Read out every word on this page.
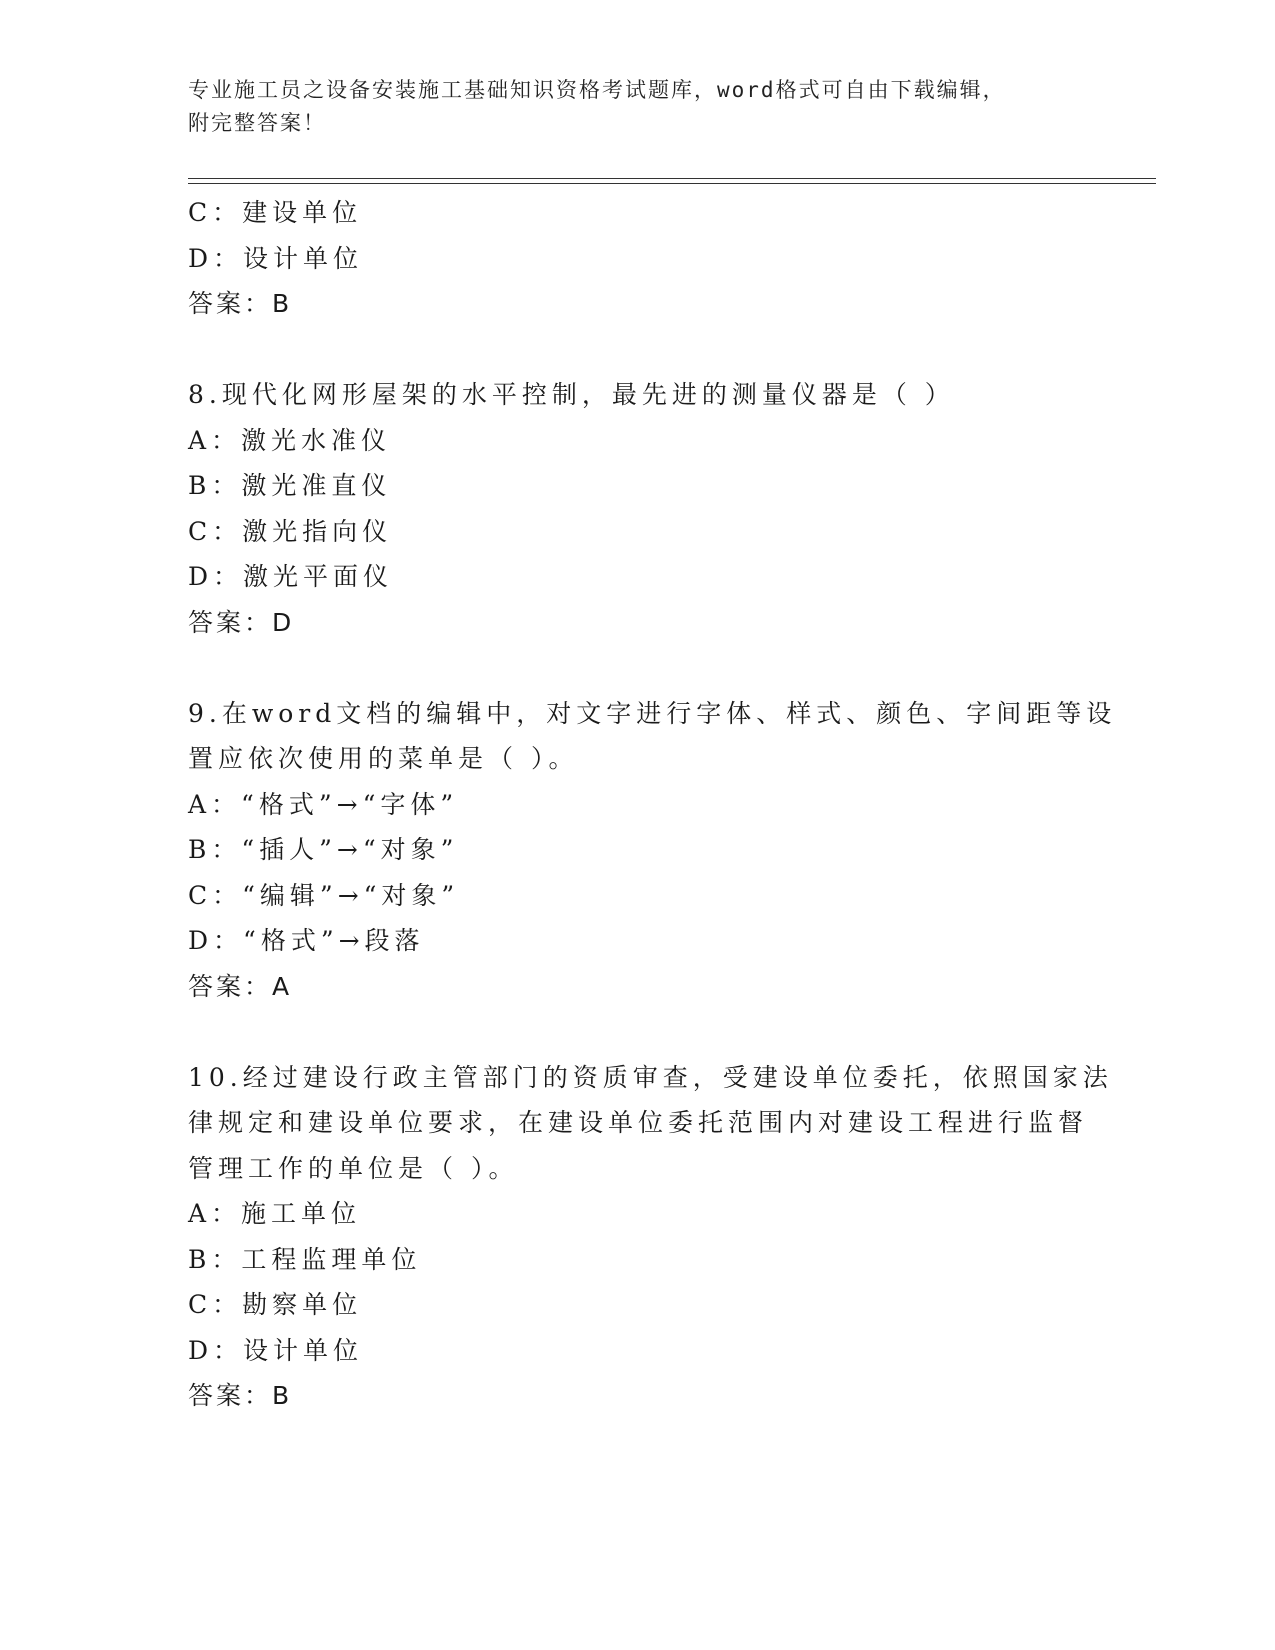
专业施工员之设备安装施工基础知识资格考试题库，word格式可自由下载编辑，
附完整答案！
C：建设单位
D：设计单位
答案：B
8.现代化网形屋架的水平控制，最先进的测量仪器是（ ）
A：激光水准仪
B：激光准直仪
C：激光指向仪
D：激光平面仪
答案：D
9.在word文档的编辑中，对文字进行字体、样式、颜色、字间距等设
置应依次使用的菜单是（ ）。
A：“格式”→“字体”
B：“插人”→“对象”
C：“编辑”→“对象”
D：“格式”→段落
答案：A
10.经过建设行政主管部门的资质审查，受建设单位委托，依照国家法
律规定和建设单位要求，在建设单位委托范围内对建设工程进行监督
管理工作的单位是（ ）。
A：施工单位
B：工程监理单位
C：勘察单位
D：设计单位
答案：B
